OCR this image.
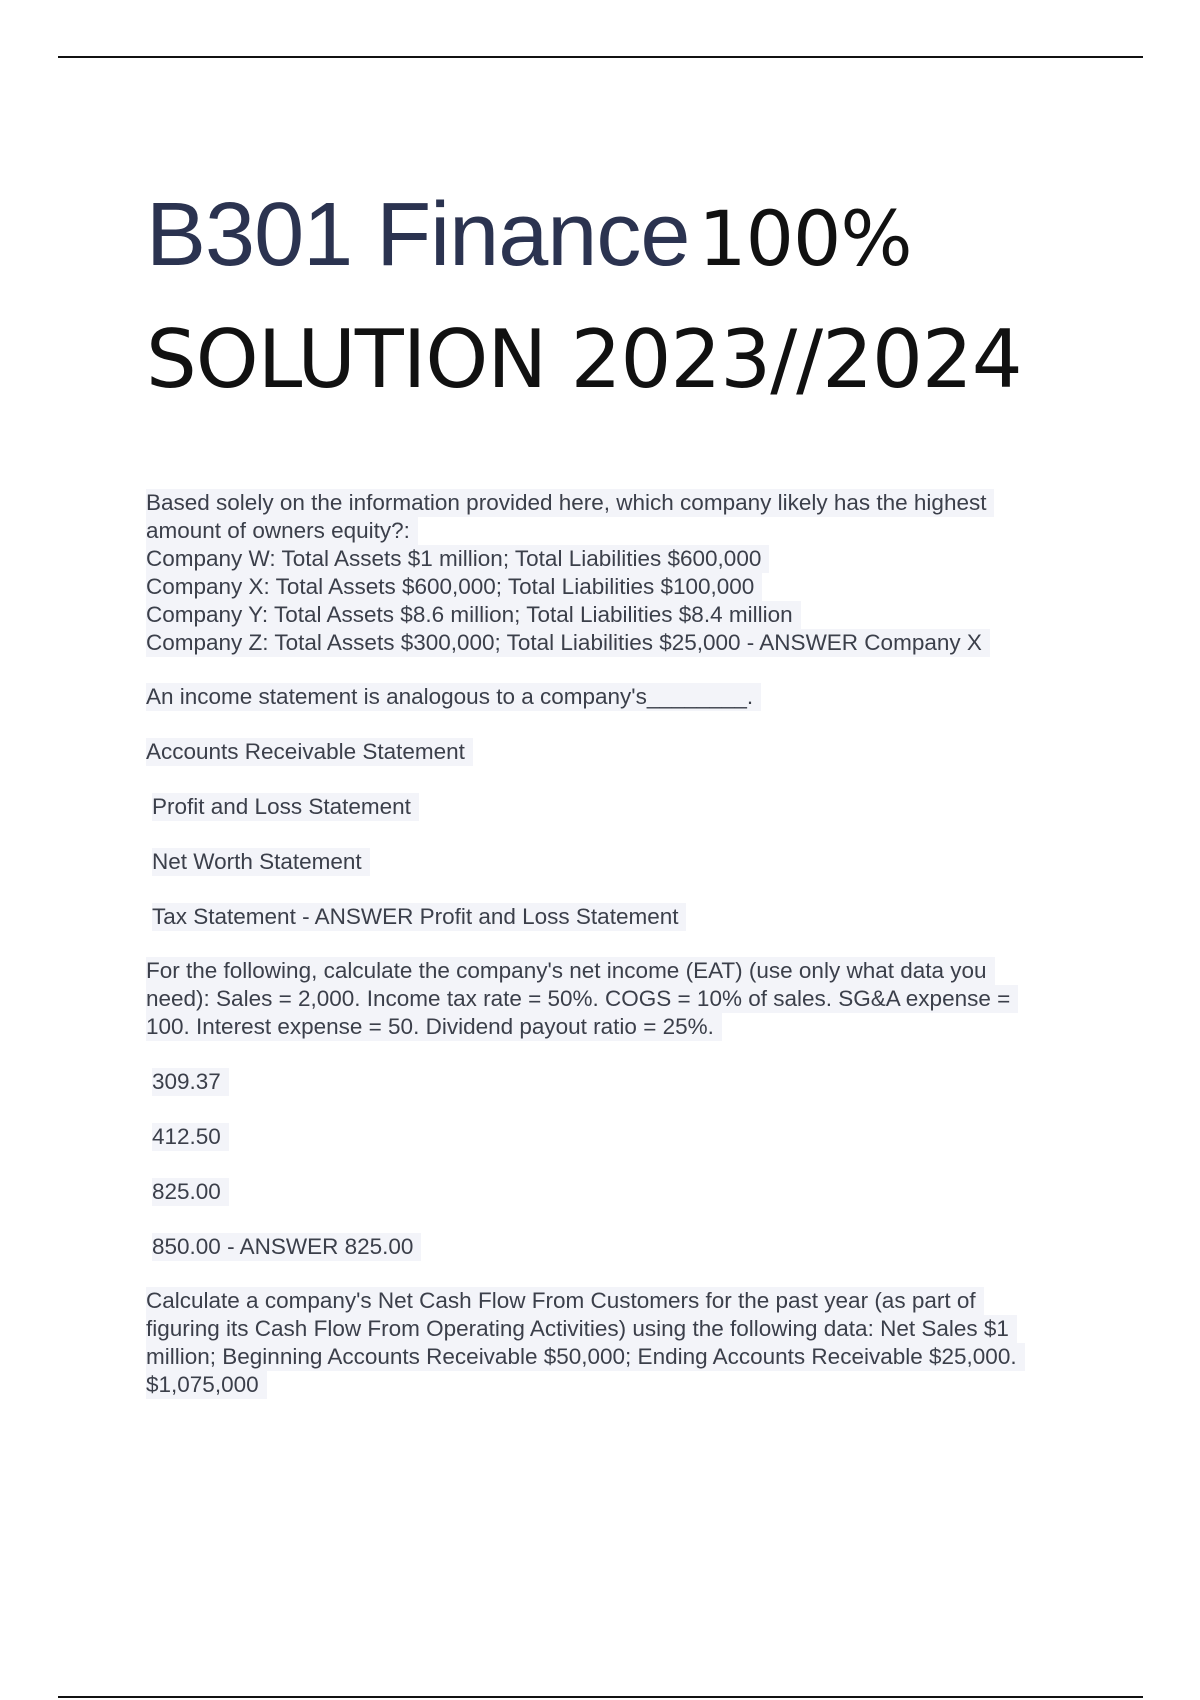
B301 Finance 100%
SOLUTION 2023//2024
Based solely on the information provided here, which company likely has the highest
amount of owners equity?:
Company W: Total Assets $1 million; Total Liabilities $600,000
Company X: Total Assets $600,000; Total Liabilities $100,000
Company Y: Total Assets $8.6 million; Total Liabilities $8.4 million
Company Z: Total Assets $300,000; Total Liabilities $25,000 - ANSWER Company X
An income statement is analogous to a company's________.
Accounts Receivable Statement
Profit and Loss Statement
Net Worth Statement
Tax Statement - ANSWER Profit and Loss Statement
For the following, calculate the company's net income (EAT) (use only what data you
need): Sales = 2,000. Income tax rate = 50%. COGS = 10% of sales. SG&A expense =
100. Interest expense = 50. Dividend payout ratio = 25%.
309.37
412.50
825.00
850.00 - ANSWER 825.00
Calculate a company's Net Cash Flow From Customers for the past year (as part of
figuring its Cash Flow From Operating Activities) using the following data: Net Sales $1
million; Beginning Accounts Receivable $50,000; Ending Accounts Receivable $25,000.
$1,075,000
